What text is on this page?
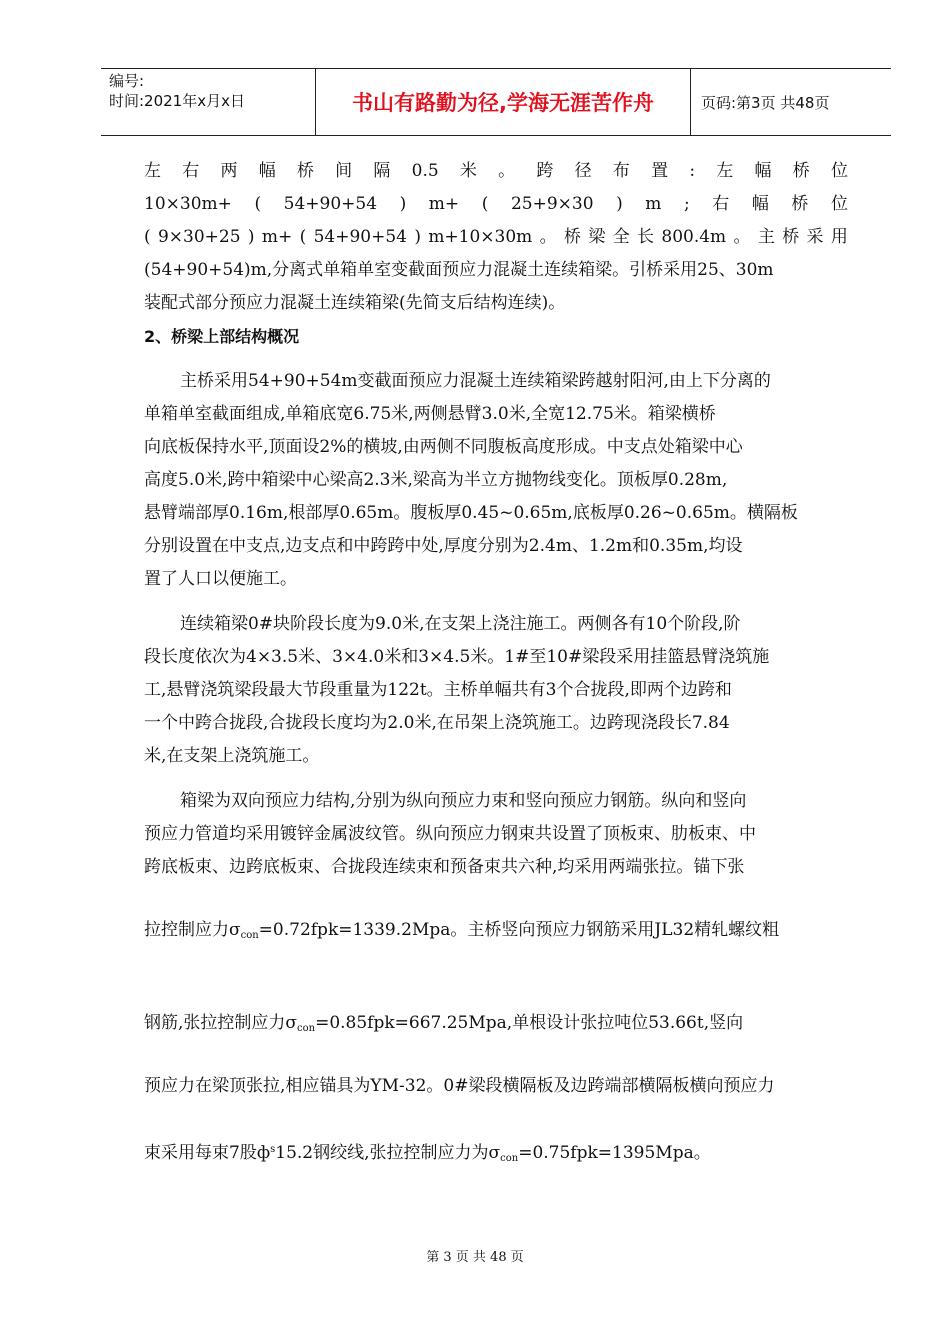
编号:
时间:2021年x月x日	书山有路勤为径,学海无涯苦作舟	页码:第3页 共48页
左 右 两 幅 桥 间 隔 0.5 米 。 跨 径 布 置 : 左 幅 桥 位
10×30m+ ( 54+90+54 ) m+ ( 25+9×30 ) m ; 右 幅 桥 位
( 9×30+25 ) m+ ( 54+90+54 ) m+10×30m 。 桥 梁 全 长 800.4m 。 主 桥 采 用
(54+90+54)m,分离式单箱单室变截面预应力混凝土连续箱梁。引桥采用25、30m
装配式部分预应力混凝土连续箱梁(先简支后结构连续)。
2、桥梁上部结构概况
主桥采用54+90+54m变截面预应力混凝土连续箱梁跨越射阳河,由上下分离的
单箱单室截面组成,单箱底宽6.75米,两侧悬臂3.0米,全宽12.75米。箱梁横桥
向底板保持水平,顶面设2%的横坡,由两侧不同腹板高度形成。中支点处箱梁中心
高度5.0米,跨中箱梁中心梁高2.3米,梁高为半立方抛物线变化。顶板厚0.28m,
悬臂端部厚0.16m,根部厚0.65m。腹板厚0.45~0.65m,底板厚0.26~0.65m。横隔板
分别设置在中支点,边支点和中跨跨中处,厚度分别为2.4m、1.2m和0.35m,均设
置了人口以便施工。
连续箱梁0#块阶段长度为9.0米,在支架上浇注施工。两侧各有10个阶段,阶
段长度依次为4×3.5米、3×4.0米和3×4.5米。1#至10#梁段采用挂篮悬臂浇筑施
工,悬臂浇筑梁段最大节段重量为122t。主桥单幅共有3个合拢段,即两个边跨和
一个中跨合拢段,合拢段长度均为2.0米,在吊架上浇筑施工。边跨现浇段长7.84
米,在支架上浇筑施工。
箱梁为双向预应力结构,分别为纵向预应力束和竖向预应力钢筋。纵向和竖向
预应力管道均采用镀锌金属波纹管。纵向预应力钢束共设置了顶板束、肋板束、中
跨底板束、边跨底板束、合拢段连续束和预备束共六种,均采用两端张拉。锚下张
拉控制应力$\sigma_{con}=0.72fpk=1339.2Mpa$。主桥竖向预应力钢筋采用JL32精轧螺纹粗
钢筋,张拉控制应力$\sigma_{con}=0.85fpk=667.25Mpa$,单根设计张拉吨位53.66t,竖向
预应力在梁顶张拉,相应锚具为YM-32。0#梁段横隔板及边跨端部横隔板横向预应力
束采用每束7股$ф^s15.2$钢绞线,张拉控制应力为$\sigma_{con}=0.75fpk=1395Mpa$。
第 3 页 共 48 页
